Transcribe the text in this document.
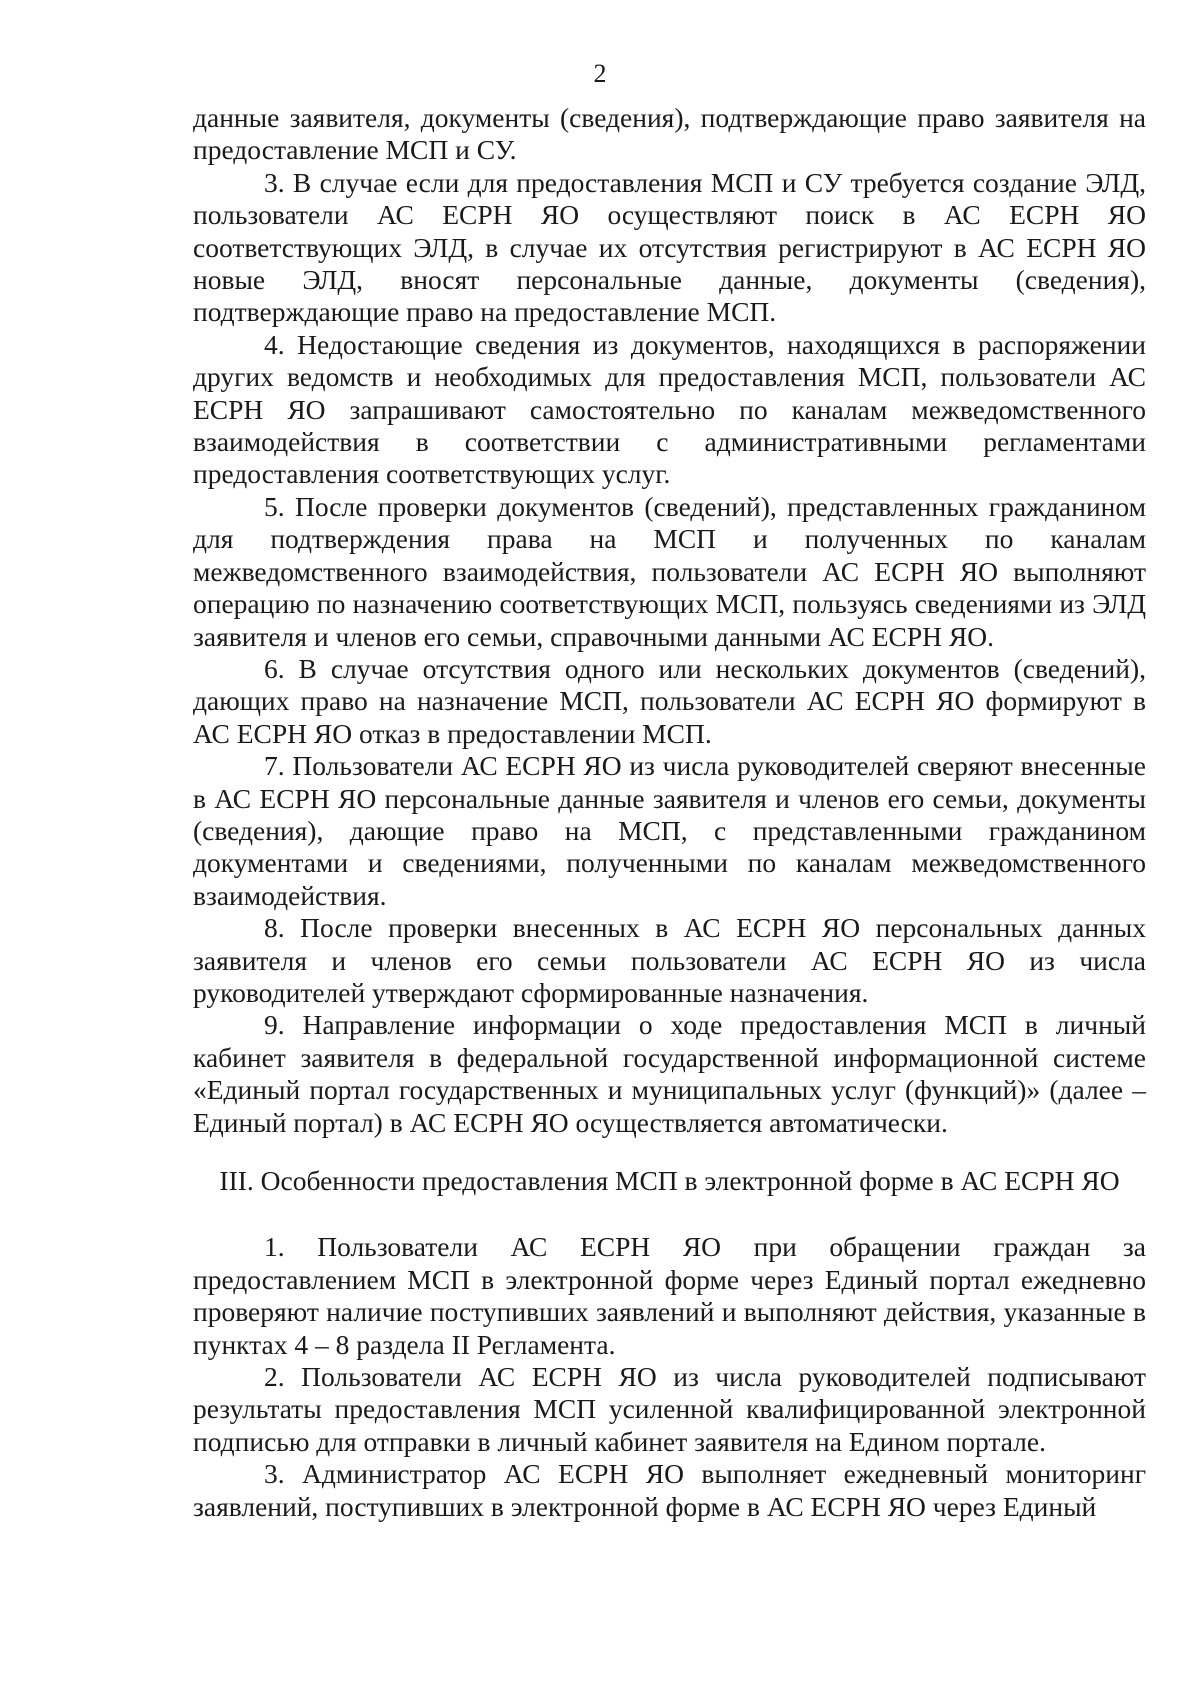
2

данные заявителя, документы (сведения), подтверждающие право заявителя на предоставление МСП и СУ.

3. В случае если для предоставления МСП и СУ требуется создание ЭЛД, пользователи АС ЕСРН ЯО осуществляют поиск в АС ЕСРН ЯО соответствующих ЭЛД, в случае их отсутствия регистрируют в АС ЕСРН ЯО новые ЭЛД, вносят персональные данные, документы (сведения), подтверждающие право на предоставление МСП.

4. Недостающие сведения из документов, находящихся в распоряжении других ведомств и необходимых для предоставления МСП, пользователи АС ЕСРН ЯО запрашивают самостоятельно по каналам межведомственного взаимодействия в соответствии с административными регламентами предоставления соответствующих услуг.

5. После проверки документов (сведений), представленных гражданином для подтверждения права на МСП и полученных по каналам межведомственного взаимодействия, пользователи АС ЕСРН ЯО выполняют операцию по назначению соответствующих МСП, пользуясь сведениями из ЭЛД заявителя и членов его семьи, справочными данными АС ЕСРН ЯО.

6. В случае отсутствия одного или нескольких документов (сведений), дающих право на назначение МСП, пользователи АС ЕСРН ЯО формируют в АС ЕСРН ЯО отказ в предоставлении МСП.

7. Пользователи АС ЕСРН ЯО из числа руководителей сверяют внесенные в АС ЕСРН ЯО персональные данные заявителя и членов его семьи, документы (сведения), дающие право на МСП, с представленными гражданином документами и сведениями, полученными по каналам межведомственного взаимодействия.

8. После проверки внесенных в АС ЕСРН ЯО персональных данных заявителя и членов его семьи пользователи АС ЕСРН ЯО из числа руководителей утверждают сформированные назначения.

9. Направление информации о ходе предоставления МСП в личный кабинет заявителя в федеральной государственной информационной системе «Единый портал государственных и муниципальных услуг (функций)» (далее – Единый портал) в АС ЕСРН ЯО осуществляется автоматически.

III. Особенности предоставления МСП в электронной форме в АС ЕСРН ЯО

1. Пользователи АС ЕСРН ЯО при обращении граждан за предоставлением МСП в электронной форме через Единый портал ежедневно проверяют наличие поступивших заявлений и выполняют действия, указанные в пунктах 4 – 8 раздела II Регламента.

2. Пользователи АС ЕСРН ЯО из числа руководителей подписывают результаты предоставления МСП усиленной квалифицированной электронной подписью для отправки в личный кабинет заявителя на Едином портале.

3. Администратор АС ЕСРН ЯО выполняет ежедневный мониторинг заявлений, поступивших в электронной форме в АС ЕСРН ЯО через Единый
